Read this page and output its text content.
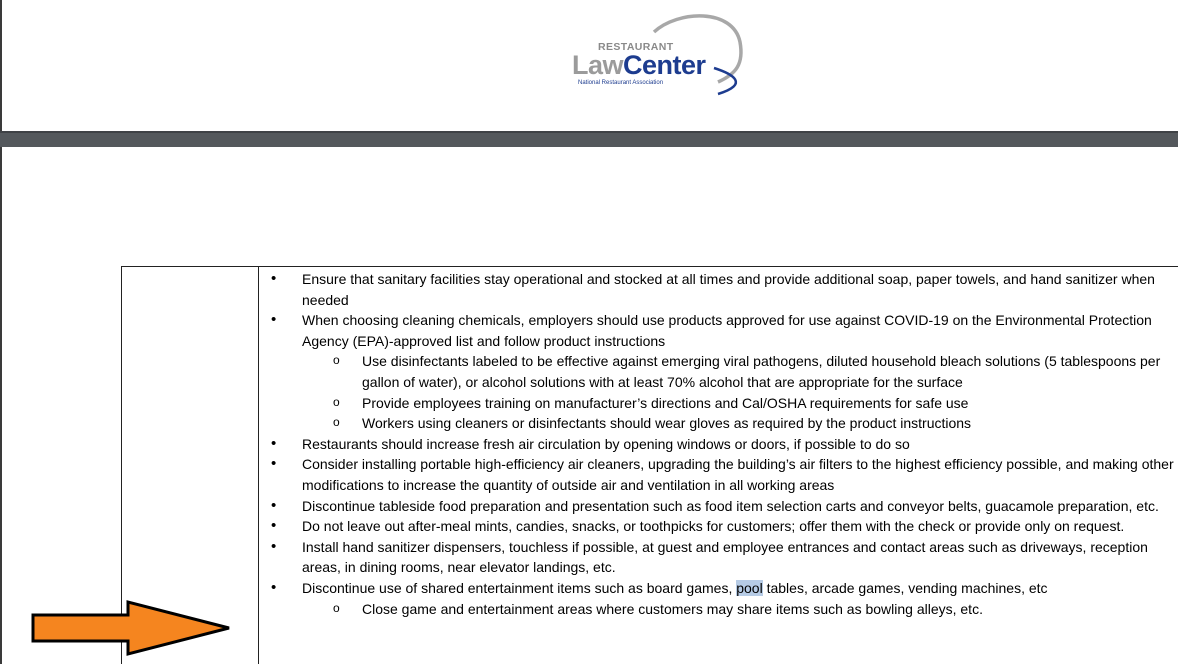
RESTAURANT
LawCenter
National Restaurant Association
• Ensure that sanitary facilities stay operational and stocked at all times and provide additional soap, paper towels, and hand sanitizer when needed
• When choosing cleaning chemicals, employers should use products approved for use against COVID-19 on the Environmental Protection Agency (EPA)-approved list and follow product instructions
o Use disinfectants labeled to be effective against emerging viral pathogens, diluted household bleach solutions (5 tablespoons per gallon of water), or alcohol solutions with at least 70% alcohol that are appropriate for the surface
o Provide employees training on manufacturer’s directions and Cal/OSHA requirements for safe use
o Workers using cleaners or disinfectants should wear gloves as required by the product instructions
• Restaurants should increase fresh air circulation by opening windows or doors, if possible to do so
• Consider installing portable high-efficiency air cleaners, upgrading the building’s air filters to the highest efficiency possible, and making other modifications to increase the quantity of outside air and ventilation in all working areas
• Discontinue tableside food preparation and presentation such as food item selection carts and conveyor belts, guacamole preparation, etc.
• Do not leave out after-meal mints, candies, snacks, or toothpicks for customers; offer them with the check or provide only on request.
• Install hand sanitizer dispensers, touchless if possible, at guest and employee entrances and contact areas such as driveways, reception areas, in dining rooms, near elevator landings, etc.
• Discontinue use of shared entertainment items such as board games, pool tables, arcade games, vending machines, etc
o Close game and entertainment areas where customers may share items such as bowling alleys, etc.
